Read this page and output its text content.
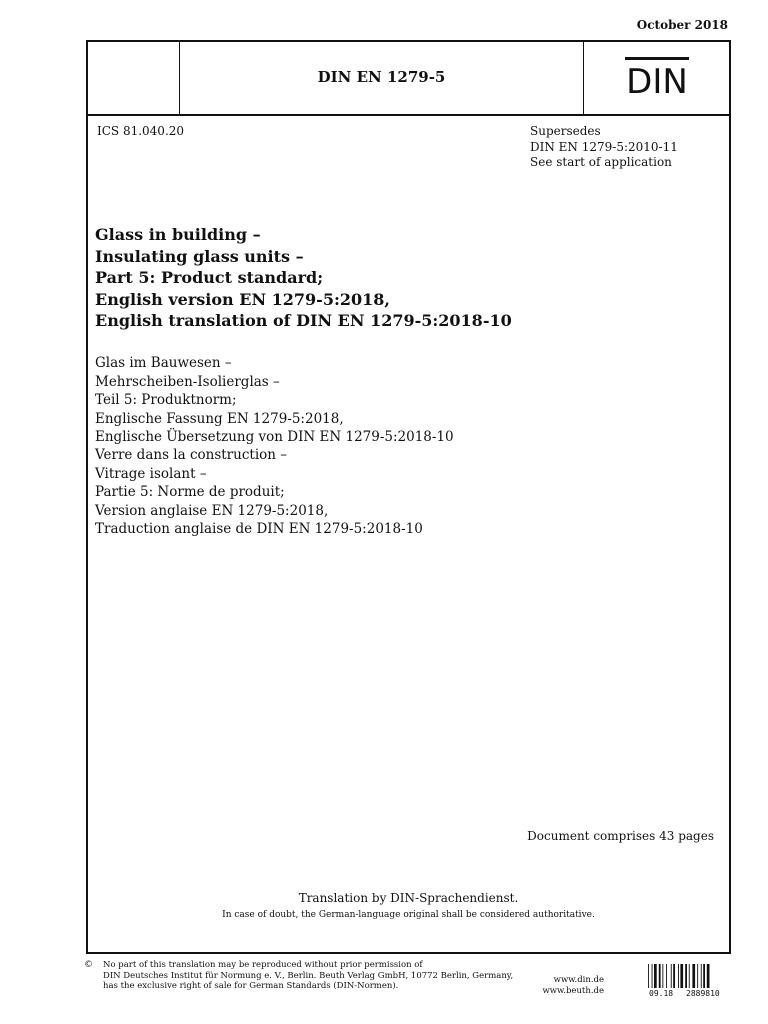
October 2018
DIN EN 1279-5	DIN
ICS 81.040.20	Supersedes
DIN EN 1279-5:2010-11
See start of application
Glass in building –
Insulating glass units –
Part 5: Product standard;
English version EN 1279-5:2018,
English translation of DIN EN 1279-5:2018-10
Glas im Bauwesen –
Mehrscheiben-Isolierglas –
Teil 5: Produktnorm;
Englische Fassung EN 1279-5:2018,
Englische Übersetzung von DIN EN 1279-5:2018-10
Verre dans la construction –
Vitrage isolant –
Partie 5: Norme de produit;
Version anglaise EN 1279-5:2018,
Traduction anglaise de DIN EN 1279-5:2018-10
Document comprises 43 pages
Translation by DIN-Sprachendienst.
In case of doubt, the German-language original shall be considered authoritative.
© No part of this translation may be reproduced without prior permission of
DIN Deutsches Institut für Normung e. V., Berlin. Beuth Verlag GmbH, 10772 Berlin, Germany,
has the exclusive right of sale for German Standards (DIN-Normen).
www.din.de
www.beuth.de	09.18 2889810
